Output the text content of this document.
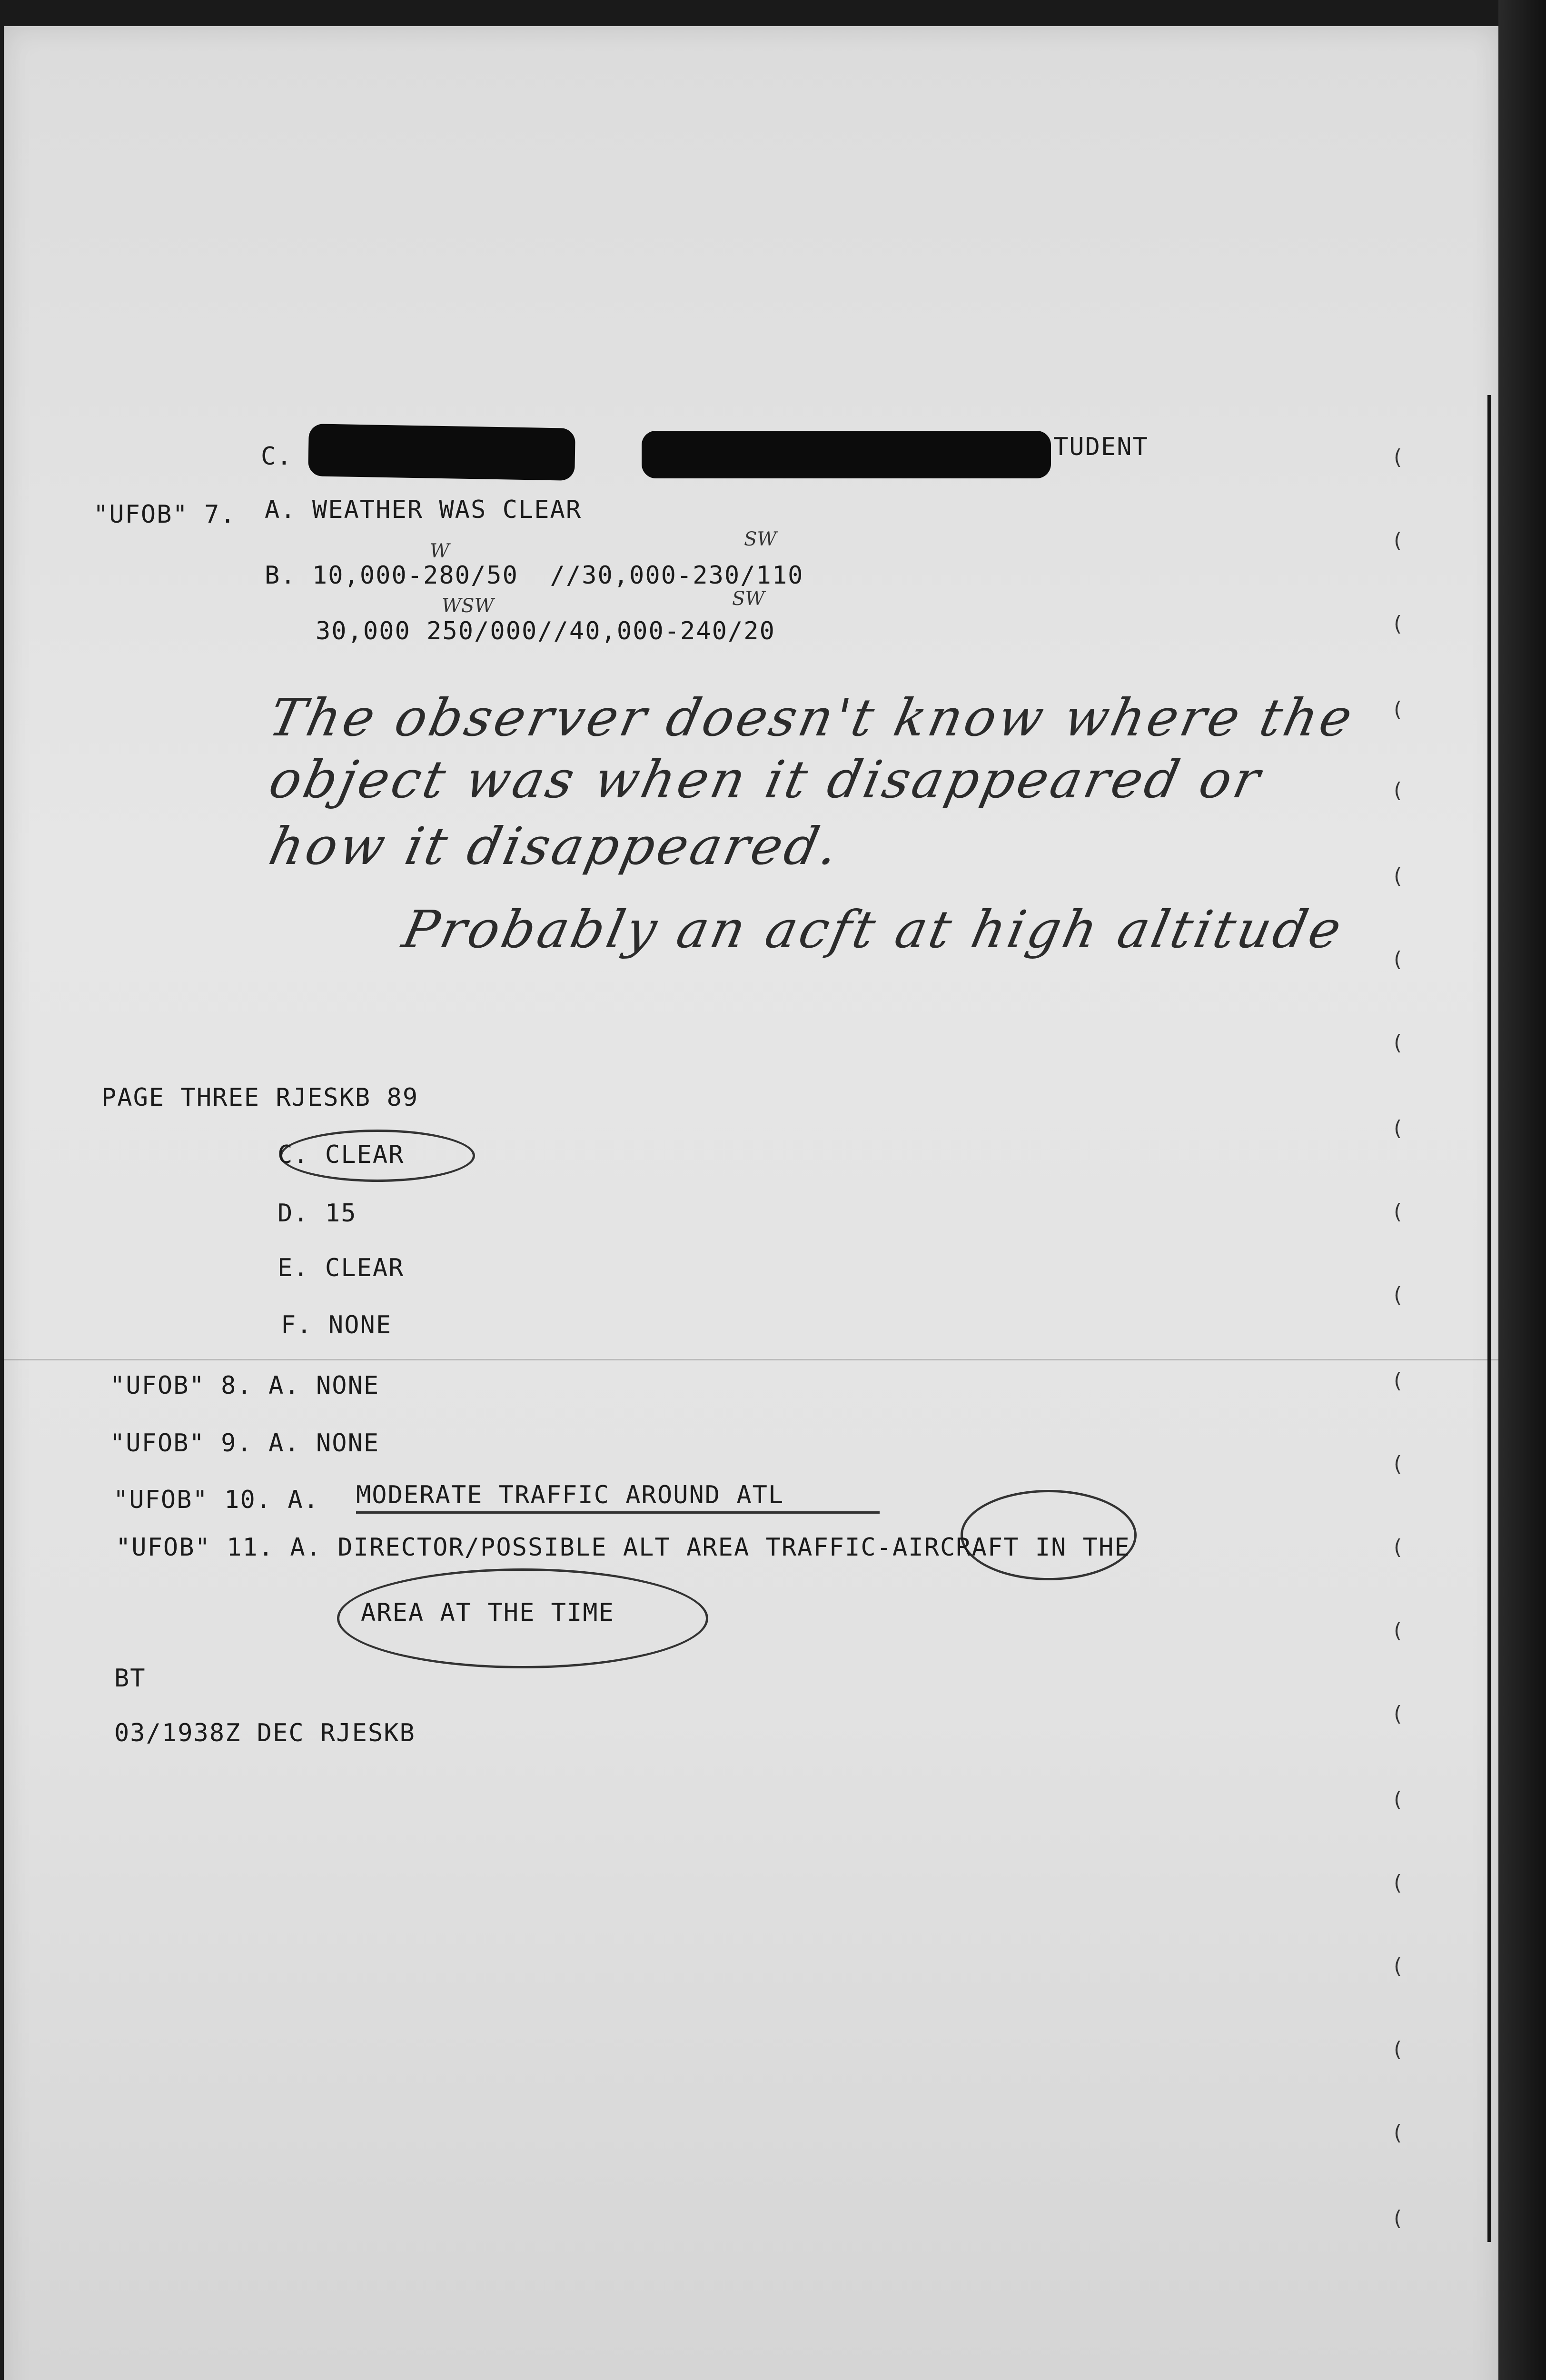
C.	TUDENT
"UFOB" 7. A. WEATHER WAS CLEAR
W
SW
B. 10,000-280/50  //30,000-230/110
WSW	SW
30,000 250/000//40,000-240/20
The observer doesn't know where the
object was when it disappeared or
how it disappeared.
Probably an acft at high altitude
PAGE THREE RJESKB 89
C. CLEAR
D. 15
E. CLEAR
F. NONE
"UFOB" 8. A. NONE
"UFOB" 9. A. NONE
"UFOB" 10. A. MODERATE TRAFFIC AROUND ATL
"UFOB" 11. A. DIRECTOR/POSSIBLE ALT AREA TRAFFIC-AIRCRAFT IN THE
AREA AT THE TIME
BT
03/1938Z DEC RJESKB
(
(
(
(
(
(
(
(
(
(
(
(
(
(
(
(
(
(
(
(
(
(
